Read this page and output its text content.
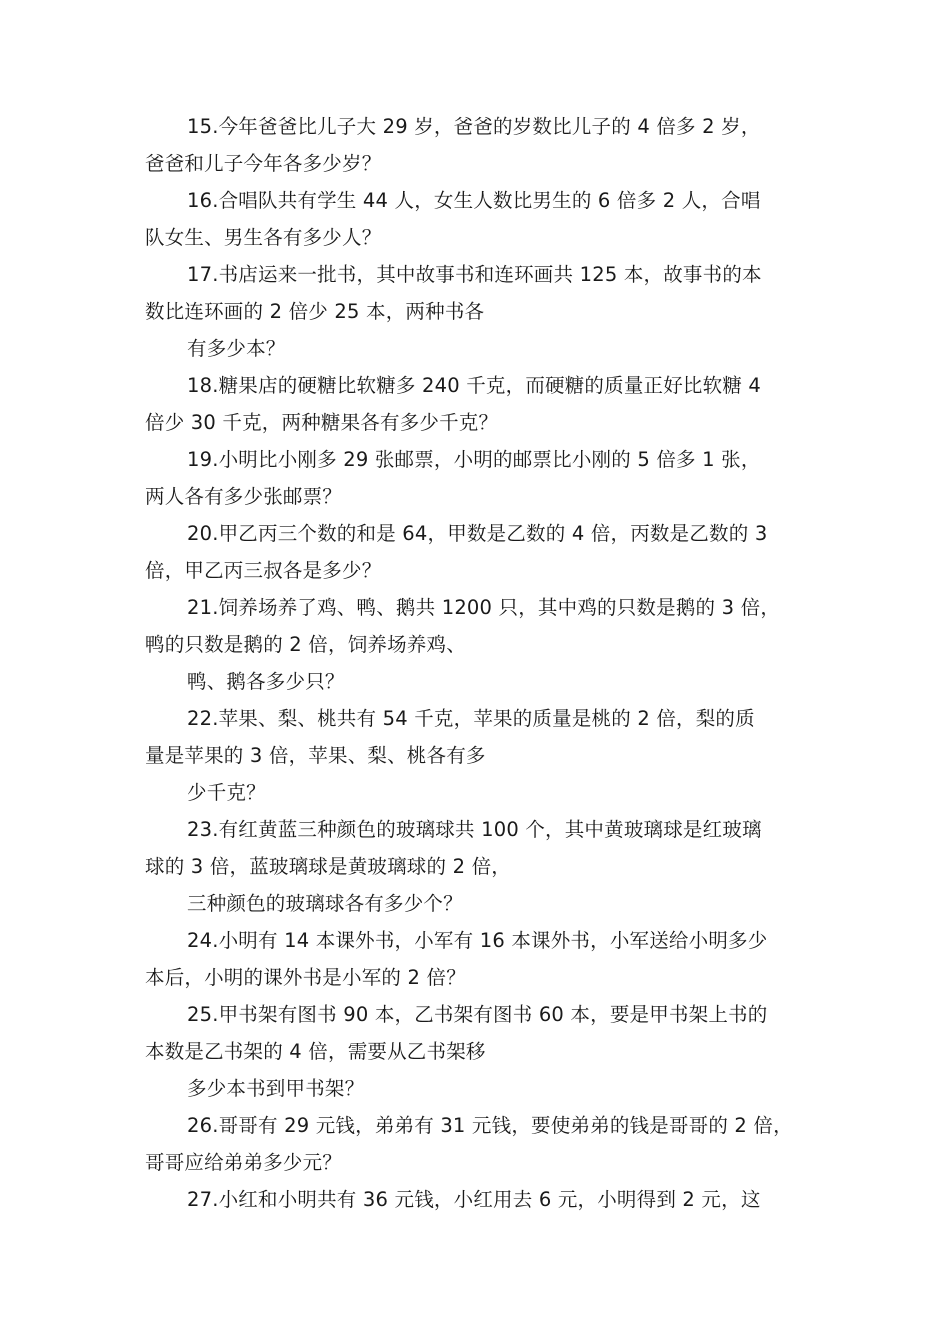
15.今年爸爸比儿子大 29 岁，爸爸的岁数比儿子的 4 倍多 2 岁，
爸爸和儿子今年各多少岁？
16.合唱队共有学生 44 人，女生人数比男生的 6 倍多 2 人，合唱
队女生、男生各有多少人？
17.书店运来一批书，其中故事书和连环画共 125 本，故事书的本
数比连环画的 2 倍少 25 本，两种书各
有多少本？
18.糖果店的硬糖比软糖多 240 千克，而硬糖的质量正好比软糖 4
倍少 30 千克，两种糖果各有多少千克？
19.小明比小刚多 29 张邮票，小明的邮票比小刚的 5 倍多 1 张，
两人各有多少张邮票？
20.甲乙丙三个数的和是 64，甲数是乙数的 4 倍，丙数是乙数的 3
倍，甲乙丙三叔各是多少？
21.饲养场养了鸡、鸭、鹅共 1200 只，其中鸡的只数是鹅的 3 倍，
鸭的只数是鹅的 2 倍，饲养场养鸡、
鸭、鹅各多少只？
22.苹果、梨、桃共有 54 千克，苹果的质量是桃的 2 倍，梨的质
量是苹果的 3 倍，苹果、梨、桃各有多
少千克？
23.有红黄蓝三种颜色的玻璃球共 100 个，其中黄玻璃球是红玻璃
球的 3 倍，蓝玻璃球是黄玻璃球的 2 倍，
三种颜色的玻璃球各有多少个？
24.小明有 14 本课外书，小军有 16 本课外书，小军送给小明多少
本后，小明的课外书是小军的 2 倍？
25.甲书架有图书 90 本，乙书架有图书 60 本，要是甲书架上书的
本数是乙书架的 4 倍，需要从乙书架移
多少本书到甲书架？
26.哥哥有 29 元钱，弟弟有 31 元钱，要使弟弟的钱是哥哥的 2 倍，
哥哥应给弟弟多少元？
27.小红和小明共有 36 元钱，小红用去 6 元，小明得到 2 元，这
